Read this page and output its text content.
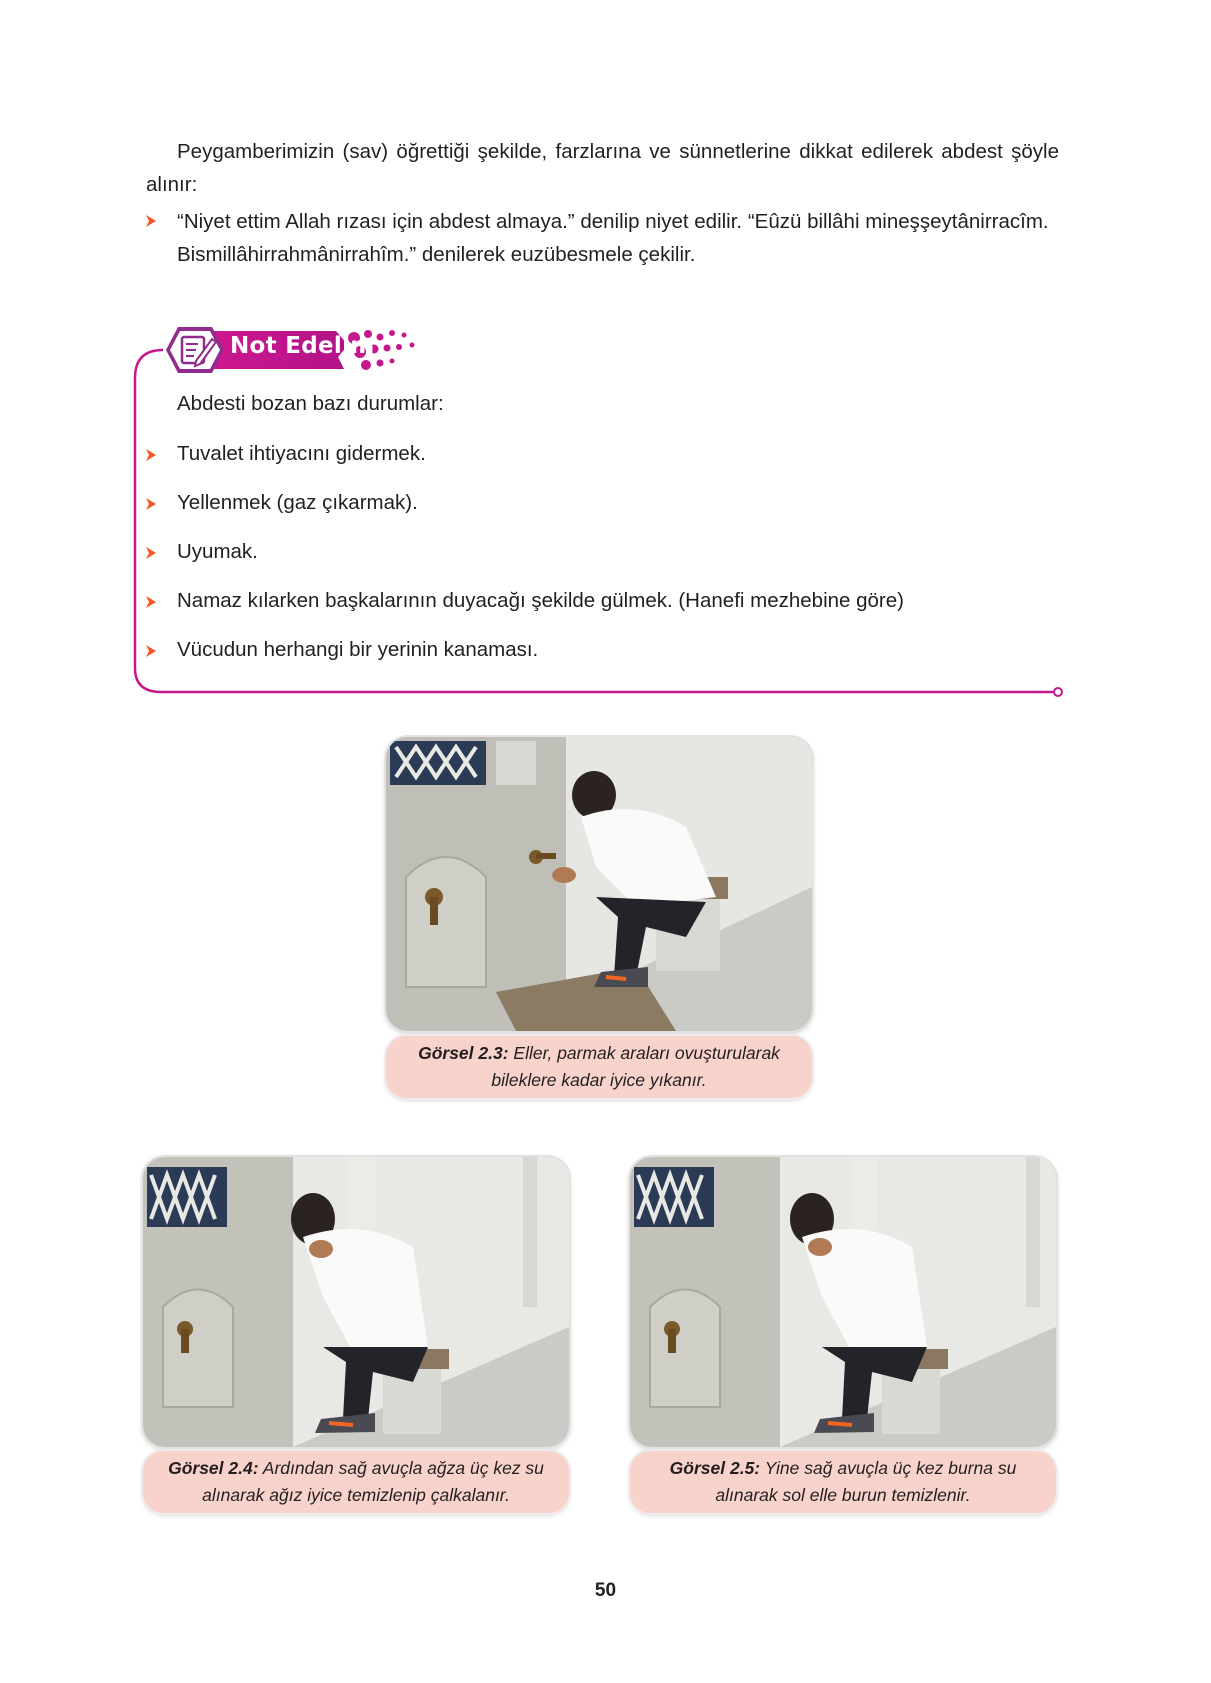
Peygamberimizin (sav) öğrettiği şekilde, farzlarına ve sünnetlerine dikkat edilerek abdest şöyle alınır:

“Niyet ettim Allah rızası için abdest almaya.” denilip niyet edilir. “Eûzü billâhi mineşşeytânirracîm.
Bismillâhirrahmânirrahîm.” denilerek euzübesmele çekilir.
Not Edelim
Abdesti bozan bazı durumlar:
Tuvalet ihtiyacını gidermek.
Yellenmek (gaz çıkarmak).
Uyumak.
Namaz kılarken başkalarının duyacağı şekilde gülmek. (Hanefi mezhebine göre)
Vücudun herhangi bir yerinin kanaması.
Görsel 2.3: Eller, parmak araları ovuşturularak
bileklere kadar iyice yıkanır.
Görsel 2.4: Ardından sağ avuçla ağza üç kez su
alınarak ağız iyice temizlenip çalkalanır.
Görsel 2.5: Yine sağ avuçla üç kez burna su
alınarak sol elle burun temizlenir.
50
